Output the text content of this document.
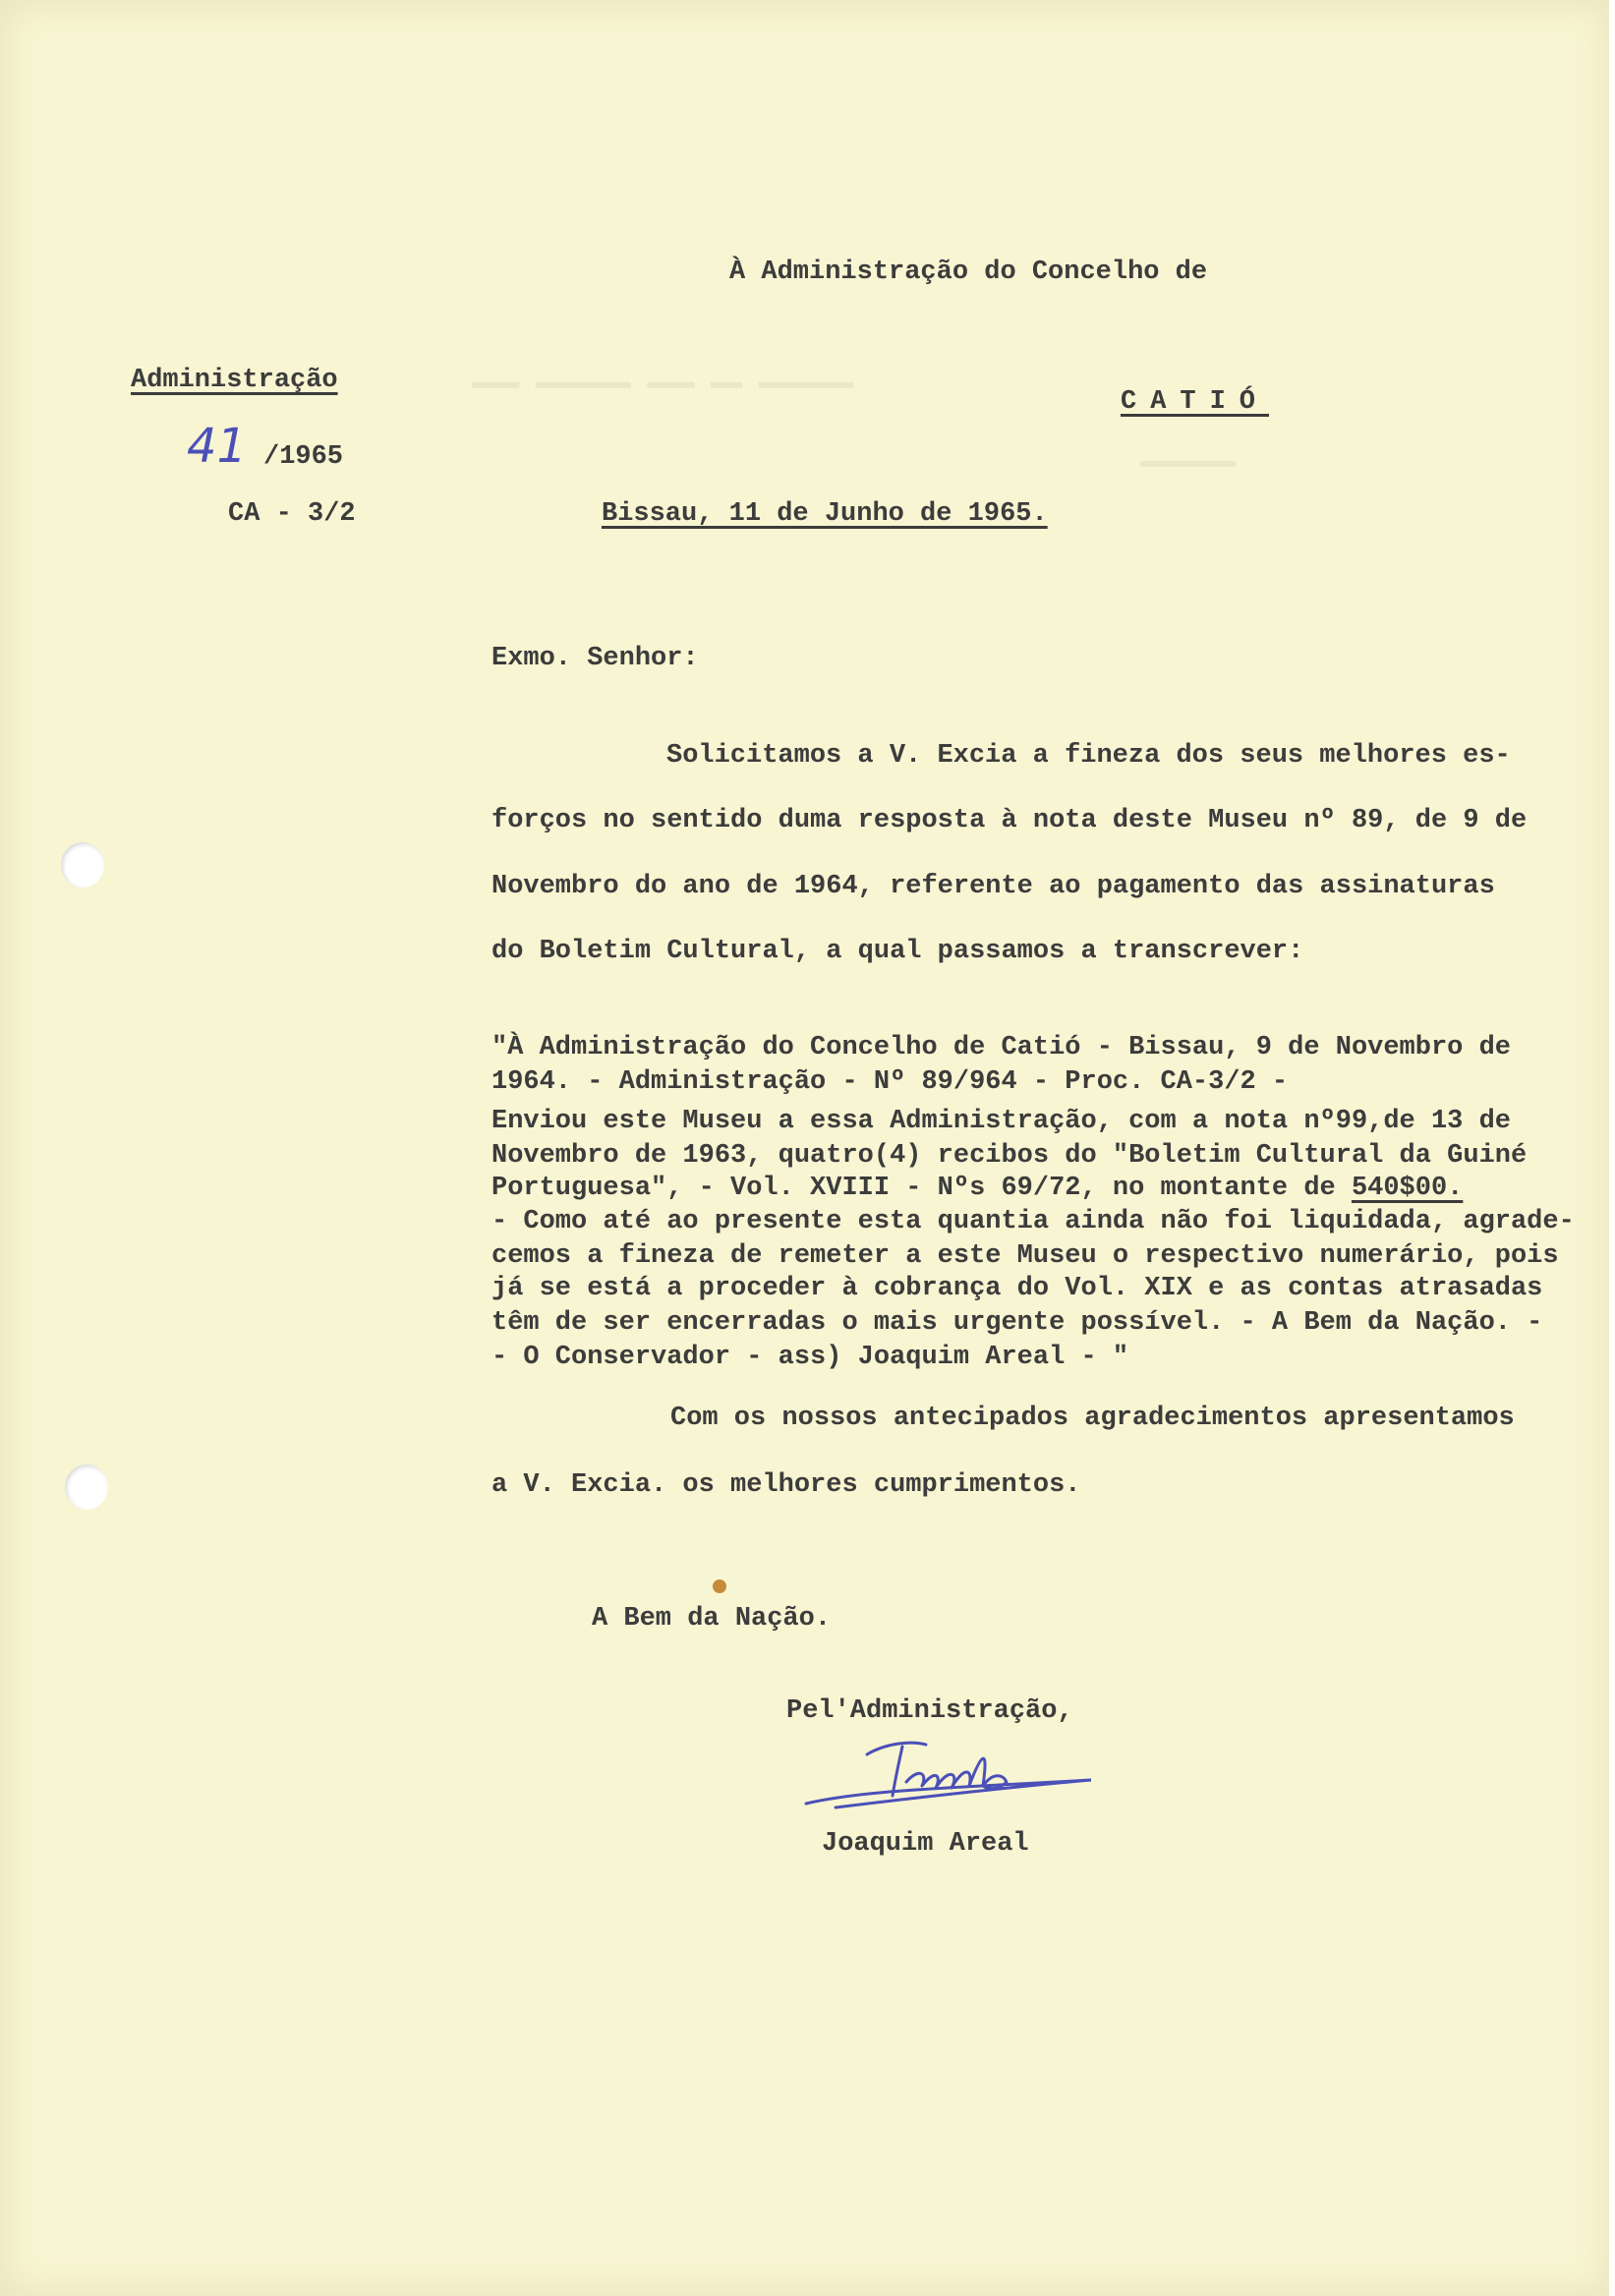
▬▬▬ ▬▬▬▬▬▬ ▬▬▬ ▬▬ ▬▬▬▬▬▬
▬▬▬▬▬▬
À Administração do Concelho de
CATIÓ
Administração
41 /1965
CA - 3/2	Bissau, 11 de Junho de 1965.
Exmo. Senhor:
Solicitamos a V. Excia a fineza dos seus melhores es-
forços no sentido duma resposta à nota deste Museu nº 89, de 9 de
Novembro do ano de 1964, referente ao pagamento das assinaturas
do Boletim Cultural, a qual passamos a transcrever:
"À Administração do Concelho de Catió - Bissau, 9 de Novembro de
1964. - Administração - Nº 89/964 - Proc. CA-3/2 -
Enviou este Museu a essa Administração, com a nota nº99,de 13 de
Novembro de 1963, quatro(4) recibos do "Boletim Cultural da Guiné
Portuguesa", - Vol. XVIII - Nºs 69/72, no montante de 540$00.
- Como até ao presente esta quantia ainda não foi liquidada, agrade-
cemos a fineza de remeter a este Museu o respectivo numerário, pois
já se está a proceder à cobrança do Vol. XIX e as contas atrasadas
têm de ser encerradas o mais urgente possível. - A Bem da Nação. -
- O Conservador - ass) Joaquim Areal - "
Com os nossos antecipados agradecimentos apresentamos
a V. Excia. os melhores cumprimentos.
A Bem da Nação.
Pel'Administração,
Joaquim Areal
